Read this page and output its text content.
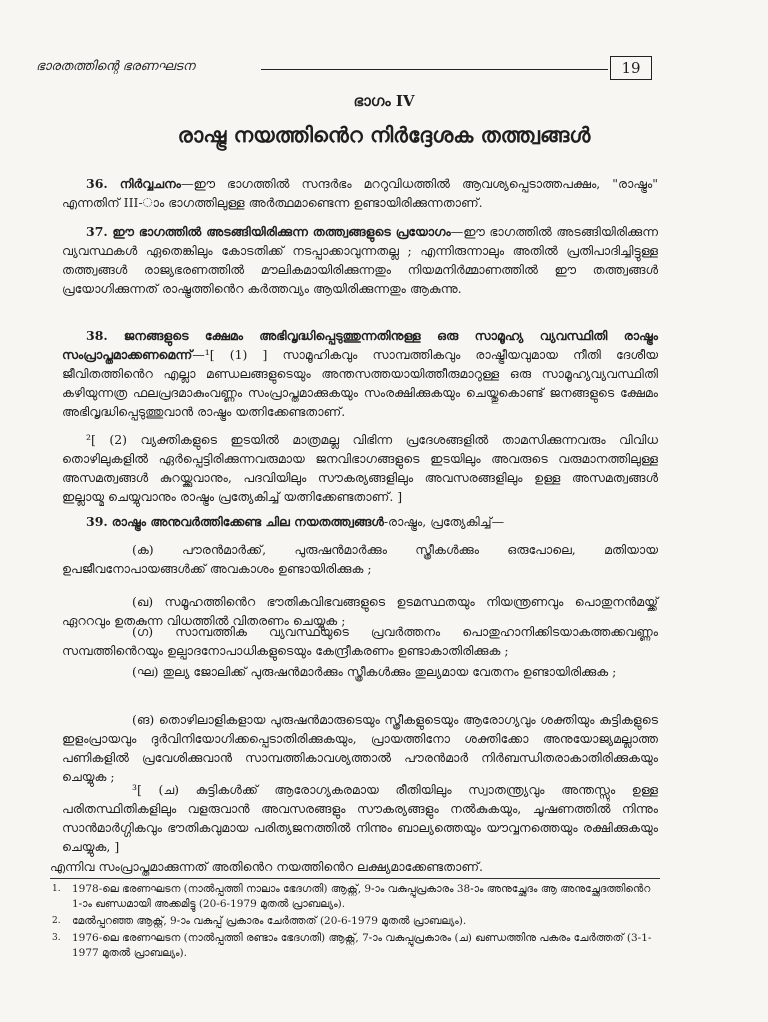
ഭാരതത്തിന്റെ ഭരണഘടന	19
ഭാഗം IV
രാഷ്ട്ര നയത്തിൻെറ നിർദ്ദേശക തത്ത്വങ്ങൾ
36. നിർവ്വചനം—ഈ ഭാഗത്തിൽ സന്ദർഭം മററുവിധത്തിൽ ആവശ്യപ്പെടാത്തപക്ഷം, "രാഷ്ട്രം" എന്നതിന് III-ാം ഭാഗത്തിലുള്ള അർത്ഥമാണ്ടെന്ന ഉണ്ടായിരിക്കുന്നതാണ്.
37. ഈ ഭാഗത്തിൽ അടങ്ങിയിരിക്കുന്ന തത്ത്വങ്ങളുടെ പ്രയോഗം—ഈ ഭാഗത്തിൽ അടങ്ങിയിരിക്കുന്ന വ്യവസ്ഥകൾ ഏതെങ്കിലും കോടതിക്ക് നടപ്പാക്കാവുന്നതല്ല ; എന്നിരുന്നാലും അതിൽ പ്രതിപാദിച്ചിട്ടുള്ള തത്ത്വങ്ങൾ രാജ്യഭരണത്തിൽ മൗലികമായിരിക്കുന്നതും നിയമനിർമ്മാണത്തിൽ ഈ തത്ത്വങ്ങൾ പ്രയോഗിക്കുന്നത് രാഷ്ട്രത്തിൻെറ കർത്തവ്യം ആയിരിക്കുന്നതും ആകുന്നു.
38. ജനങ്ങളുടെ ക്ഷേമം അഭിവൃദ്ധിപ്പെടുത്തുന്നതിനുള്ള ഒരു സാമൂഹ്യ വ്യവസ്ഥിതി രാഷ്ട്രം സംപ്രാപ്തമാക്കണമെന്ന്—¹[ (1) ] സാമൂഹികവും സാമ്പത്തികവും രാഷ്ട്രീയവുമായ നീതി ദേശീയ ജീവിതത്തിൻെറ എല്ലാ മണ്ഡലങ്ങളുടെയും അന്തസത്തയായിത്തീരുമാറുള്ള ഒരു സാമൂഹ്യവ്യവസ്ഥിതി കഴിയുന്നത്ര ഫലപ്രദമാകുംവണ്ണം സംപ്രാപ്തമാക്കുകയും സംരക്ഷിക്കുകയും ചെയ്തുകൊണ്ട് ജനങ്ങളുടെ ക്ഷേമം അഭിവൃദ്ധിപ്പെടുത്തുവാൻ രാഷ്ട്രം യത്നിക്കേണ്ടതാണ്.
²[ (2) വ്യക്തികളുടെ ഇടയിൽ മാത്രമല്ല വിഭിന്ന പ്രദേശങ്ങളിൽ താമസിക്കുന്നവരും വിവിധ തൊഴിലുകളിൽ ഏർപ്പെട്ടിരിക്കുന്നവരുമായ ജനവിഭാഗങ്ങളുടെ ഇടയിലും അവരുടെ വരുമാനത്തിലുള്ള അസമത്വങ്ങൾ കുറയ്ക്കുവാനും, പദവിയിലും സൗകര്യങ്ങളിലും അവസരങ്ങളിലും ഉള്ള അസമത്വങ്ങൾ ഇല്ലായ്മ ചെയ്യുവാനും രാഷ്ട്രം പ്രത്യേകിച്ച് യത്നിക്കേണ്ടതാണ്. ]
39. രാഷ്ട്രം അനുവർത്തിക്കേണ്ട ചില നയതത്ത്വങ്ങൾ-രാഷ്ട്രം, പ്രത്യേകിച്ച്—
(ക) പൗരൻമാർക്ക്, പുരുഷൻമാർക്കും സ്ത്രീകൾക്കും ഒരുപോലെ, മതിയായ ഉപജീവനോപായങ്ങൾക്ക് അവകാശം ഉണ്ടായിരിക്കുക ;
(ഖ) സമൂഹത്തിൻെറ ഭൗതികവിഭവങ്ങളുടെ ഉടമസ്ഥതയും നിയന്ത്രണവും പൊതുനൻമയ്ക്ക് ഏററവും ഉതകുന്ന വിധത്തിൽ വിതരണം ചെയ്യുക ;
(ഗ) സാമ്പത്തിക വ്യവസ്ഥയുടെ പ്രവർത്തനം പൊതുഹാനിക്കിടയാകത്തക്കവണ്ണം സമ്പത്തിൻെറയും ഉല്പാദനോപാധികളുടെയും കേന്ദ്രീകരണം ഉണ്ടാകാതിരിക്കുക ;
(ഘ) തുല്യ ജോലിക്ക് പുരുഷൻമാർക്കും സ്ത്രീകൾക്കും തുല്യമായ വേതനം ഉണ്ടായിരിക്കുക ;
(ങ) തൊഴിലാളികളായ പുരുഷൻമാരുടെയും സ്ത്രീകളുടെയും ആരോഗ്യവും ശക്തിയും കുട്ടികളുടെ ഇളംപ്രായവും ദുർവിനിയോഗിക്കപ്പെടാതിരിക്കുകയും, പ്രായത്തിനോ ശക്തിക്കോ അനുയോജ്യമല്ലാത്ത പണികളിൽ പ്രവേശിക്കുവാൻ സാമ്പത്തികാവശ്യത്താൽ പൗരൻമാർ നിർബന്ധിതരാകാതിരിക്കുകയും ചെയ്യുക ;
³[ (ച) കുട്ടികൾക്ക് ആരോഗ്യകരമായ രീതിയിലും സ്വാതന്ത്ര്യവും അന്തസ്സും ഉള്ള പരിതസ്ഥിതികളിലും വളരുവാൻ അവസരങ്ങളും സൗകര്യങ്ങളും നൽകുകയും, ചൂഷണത്തിൽ നിന്നും സാൻമാർഗ്ഗികവും ഭൗതികവുമായ പരിത്യജനത്തിൽ നിന്നും ബാല്യത്തെയും യൗവ്വനത്തെയും രക്ഷിക്കുകയും ചെയ്യുക, ]
എന്നിവ സംപ്രാപ്തമാക്കുന്നത് അതിൻെറ നയത്തിൻെറ ലക്ഷ്യമാക്കേണ്ടതാണ്.
1.	1978-ലെ ഭരണഘടന (നാൽപ്പത്തി നാലാം ഭേദഗതി) ആക്റ്റ്, 9-ാം വകുപ്പുപ്രകാരം 38-ാം അനുച്ഛേദം ആ അനുച്ഛേദത്തിൻെറ 1-ാം ഖണ്ഡമായി അക്കമിട്ടു (20-6-1979 മുതൽ പ്രാബല്യം).
2.	മേൽപ്പറഞ്ഞ ആക്റ്റ്, 9-ാം വകുപ്പ് പ്രകാരം ചേർത്തത് (20-6-1979 മുതൽ പ്രാബല്യം).
3.	1976-ലെ ഭരണഘടന (നാൽപ്പത്തി രണ്ടാം ഭേദഗതി) ആക്റ്റ്, 7-ാം വകുപ്പുപ്രകാരം (ച) ഖണ്ഡത്തിനു പകരം ചേർത്തത് (3-1-1977 മുതൽ പ്രാബല്യം).
